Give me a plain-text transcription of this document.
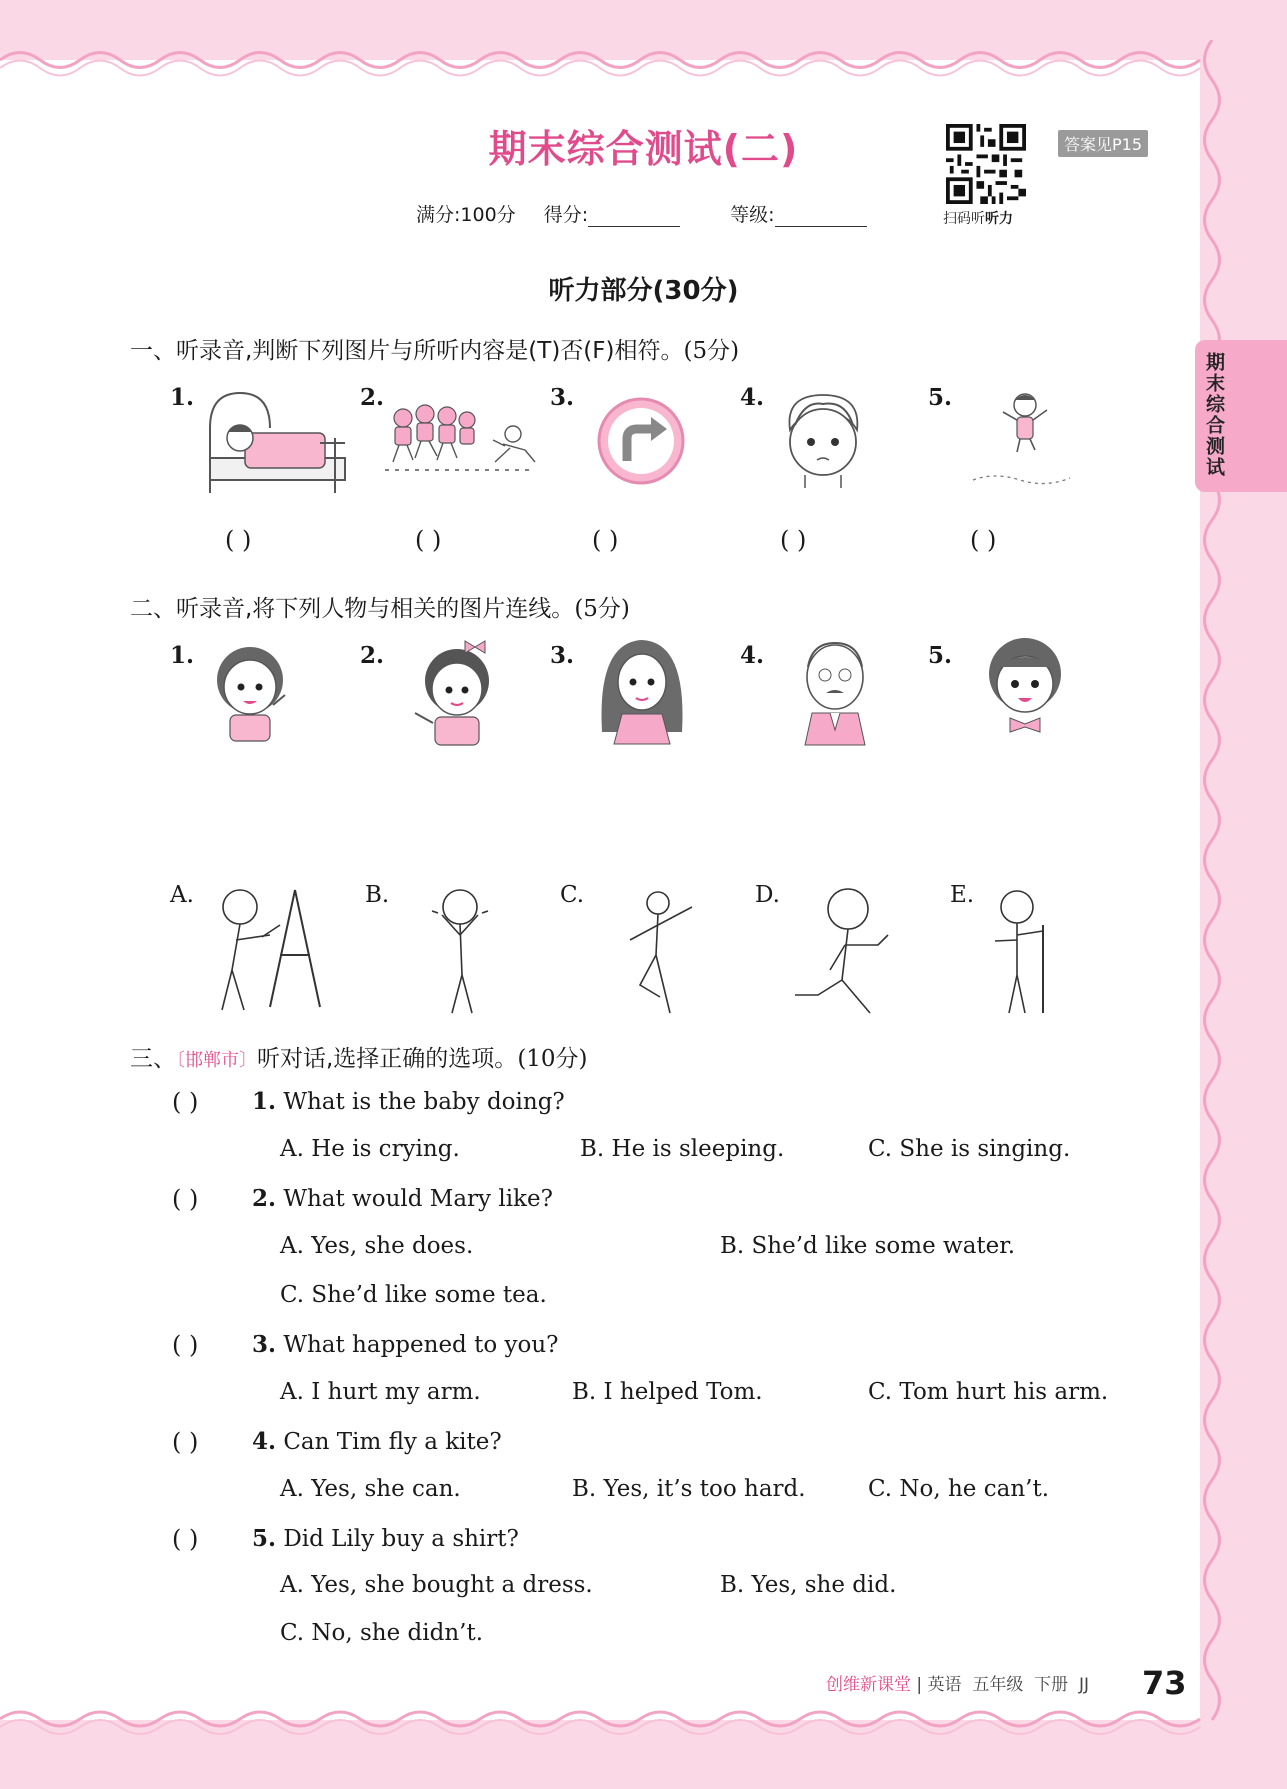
期末综合测试(二)
满分:100分 得分:	等级:	扫码听听力
答案见P15
期末综合测试
听力部分(30分)
一、听录音,判断下列图片与所听内容是(T)否(F)相符。(5分)
1.	2.	3.	4.	5.
( )	( )	( )	( )	( )
二、听录音,将下列人物与相关的图片连线。(5分)
1.	2.	3.	4.	5.
A.	B.	C.	D.	E.
三、〔邯郸市〕听对话,选择正确的选项。(10分)
( ) 1. What is the baby doing?
A. He is crying.	B. He is sleeping.	C. She is singing.
( ) 2. What would Mary like?
A. Yes, she does.	B. She’d like some water.
C. She’d like some tea.
( ) 3. What happened to you?
A. I hurt my arm.	B. I helped Tom.	C. Tom hurt his arm.
( ) 4. Can Tim fly a kite?
A. Yes, she can.	B. Yes, it’s too hard.	C. No, he can’t.
( ) 5. Did Lily buy a shirt?
A. Yes, she bought a dress.	B. Yes, she did.
C. No, she didn’t.
创维新课堂 | 英语  五年级  下册  JJ 73
